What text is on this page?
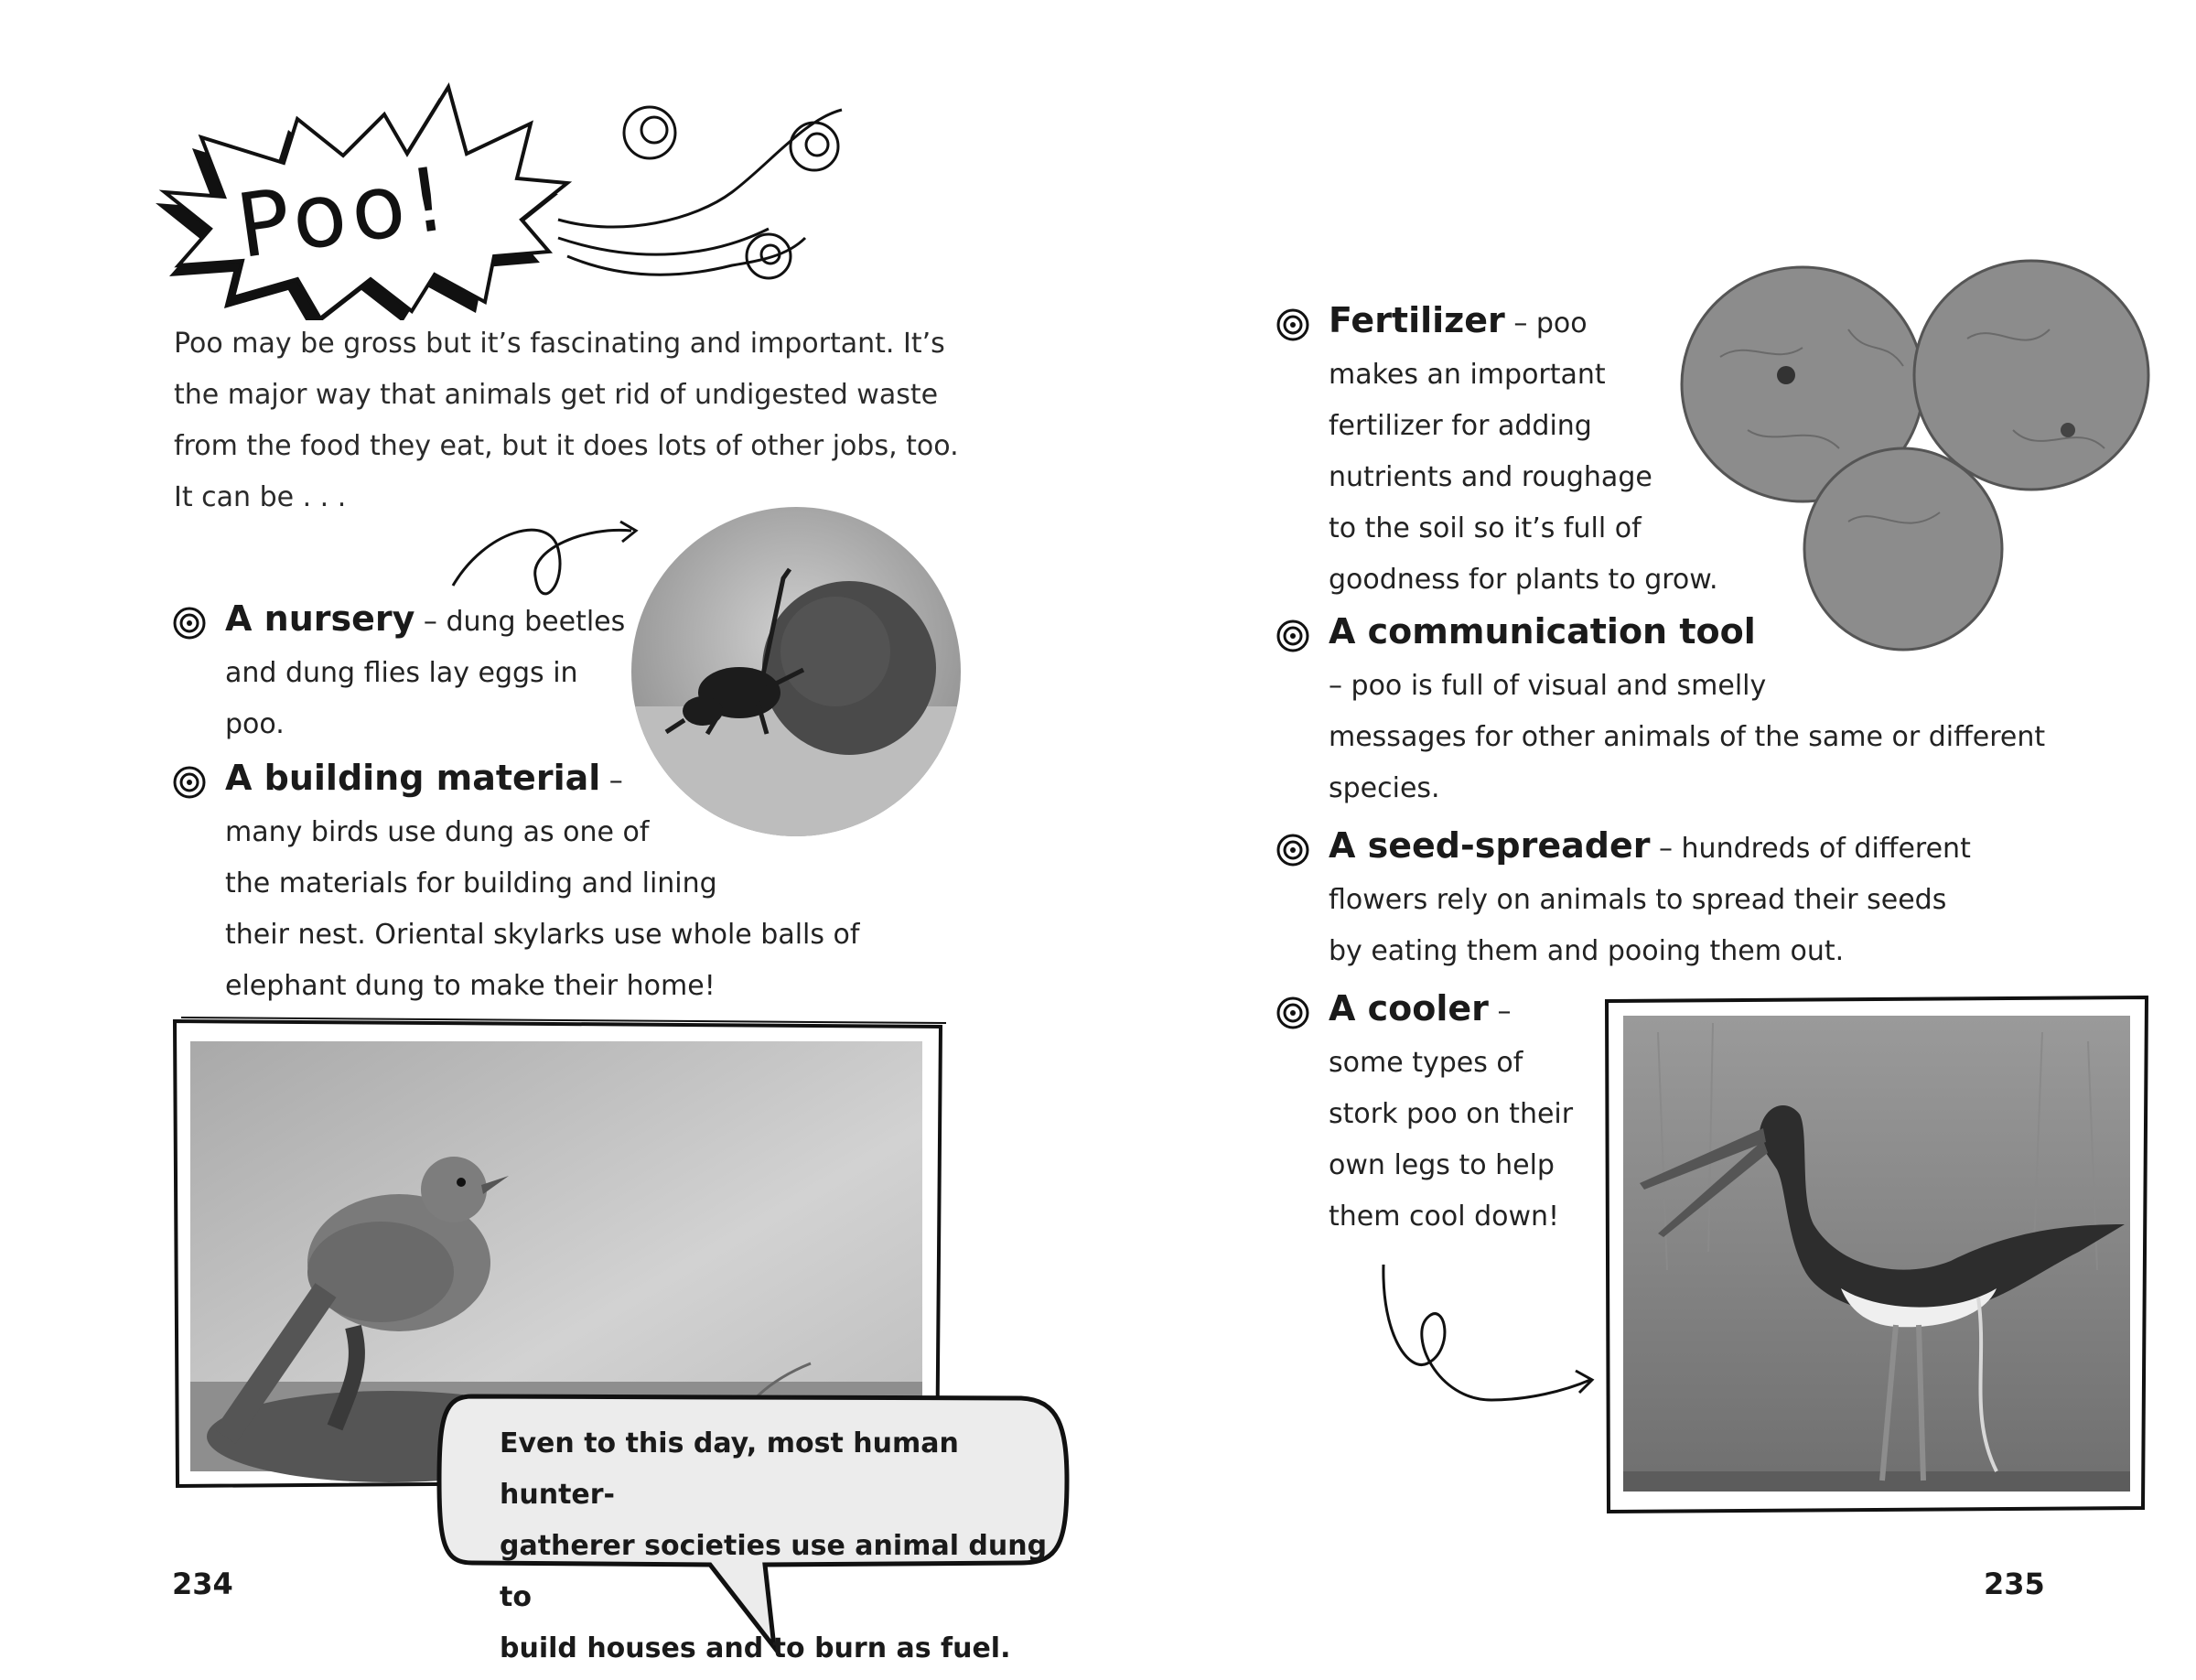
Poo!

Poo may be gross but it’s fascinating and important. It’s

the major way that animals get rid of undigested waste

from the food they eat, but it does lots of other jobs, too.

It can be . . .

A nursery – dung beetles
and dung flies lay eggs in
poo.
A building material –
many birds use dung as one of
the materials for building and lining
their nest. Oriental skylarks use whole balls of
elephant dung to make their home!
Even to this day, most human hunter-
gatherer societies use animal dung to
build houses and to burn as fuel.
234
Fertilizer – poo
makes an important
fertilizer for adding
nutrients and roughage
to the soil so it’s full of
goodness for plants to grow.
A communication tool
– poo is full of visual and smelly
messages for other animals of the same or different
species.
A seed-spreader – hundreds of different
flowers rely on animals to spread their seeds
by eating them and pooing them out.
A cooler –
some types of
stork poo on their
own legs to help
them cool down!
235
